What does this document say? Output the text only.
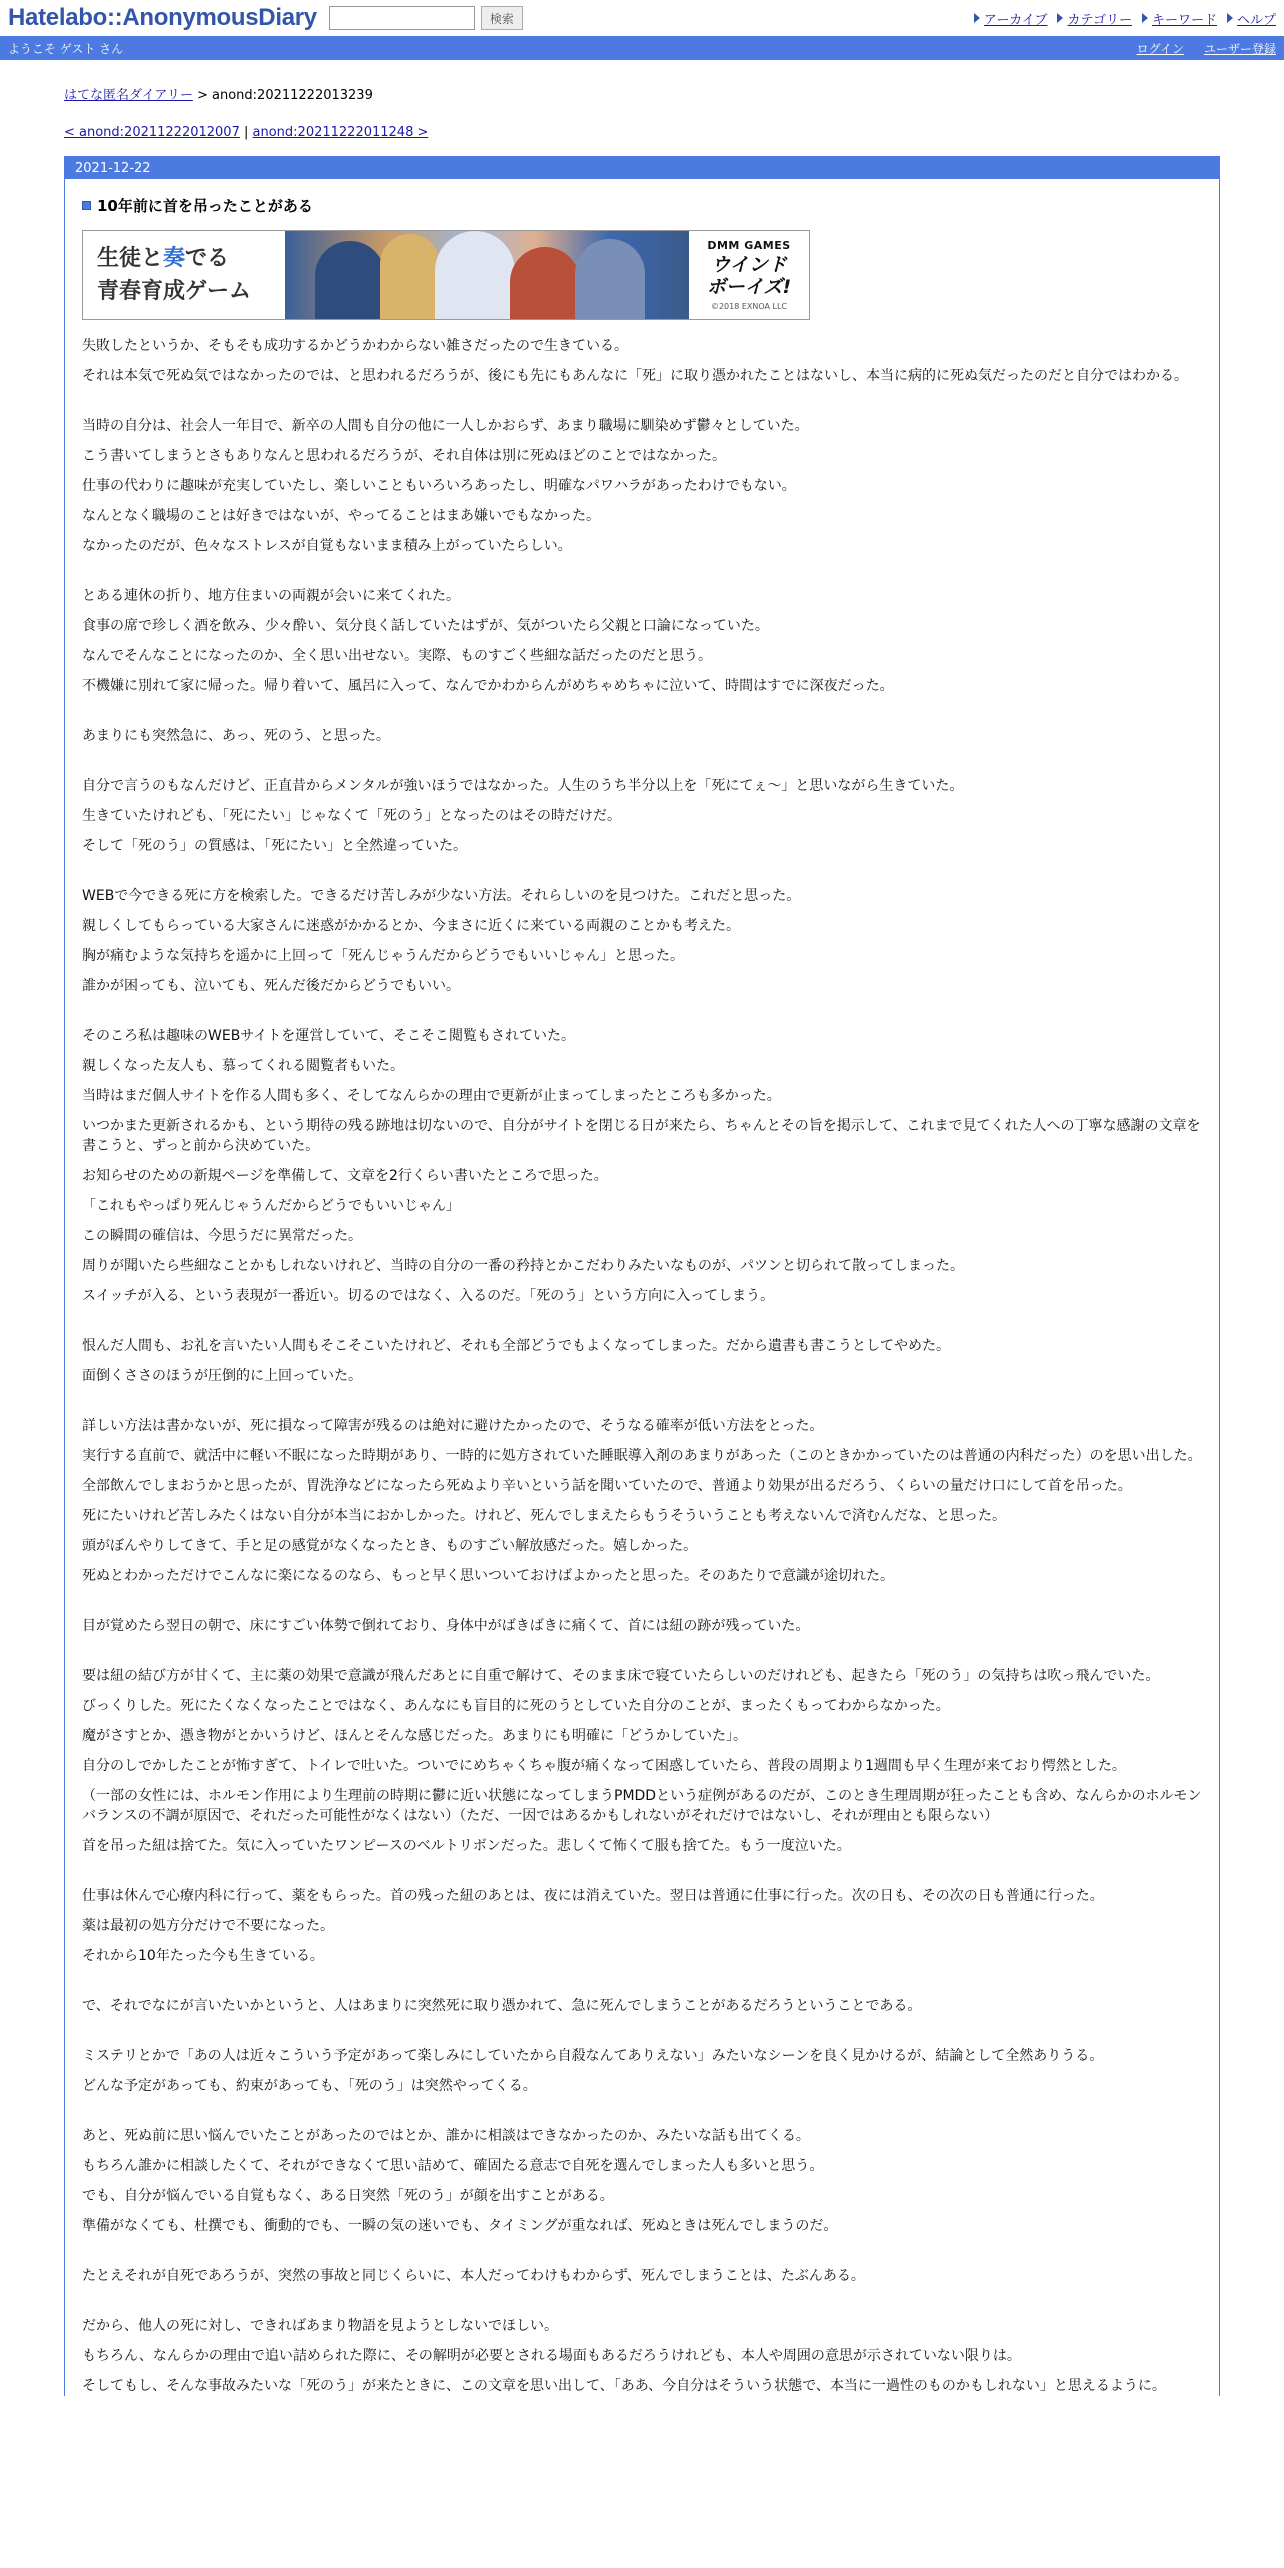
Hatelabo::AnonymousDiary	検索	アーカイブ カテゴリー キーワード ヘルプ
ようこそ ゲスト さん	ログイン ユーザー登録
はてな匿名ダイアリー > anond:20211222013239
< anond:20211222012007 | anond:20211222011248 >
2021-12-22
10年前に首を吊ったことがある
生徒と奏でる
青春育成ゲーム
DMM GAMES
ウインド
ボーイズ!
©2018 EXNOA LLC

失敗したというか、そもそも成功するかどうかわからない雑さだったので生きている。

それは本気で死ぬ気ではなかったのでは、と思われるだろうが、後にも先にもあんなに「死」に取り憑かれたことはないし、本当に病的に死ぬ気だったのだと自分ではわかる。

当時の自分は、社会人一年目で、新卒の人間も自分の他に一人しかおらず、あまり職場に馴染めず鬱々としていた。

こう書いてしまうとさもありなんと思われるだろうが、それ自体は別に死ぬほどのことではなかった。

仕事の代わりに趣味が充実していたし、楽しいこともいろいろあったし、明確なパワハラがあったわけでもない。

なんとなく職場のことは好きではないが、やってることはまあ嫌いでもなかった。

なかったのだが、色々なストレスが自覚もないまま積み上がっていたらしい。

とある連休の折り、地方住まいの両親が会いに来てくれた。

食事の席で珍しく酒を飲み、少々酔い、気分良く話していたはずが、気がついたら父親と口論になっていた。

なんでそんなことになったのか、全く思い出せない。実際、ものすごく些細な話だったのだと思う。

不機嫌に別れて家に帰った。帰り着いて、風呂に入って、なんでかわからんがめちゃめちゃに泣いて、時間はすでに深夜だった。

あまりにも突然急に、あっ、死のう、と思った。

自分で言うのもなんだけど、正直昔からメンタルが強いほうではなかった。人生のうち半分以上を「死にてぇ〜」と思いながら生きていた。

生きていたけれども、「死にたい」じゃなくて「死のう」となったのはその時だけだ。

そして「死のう」の質感は、「死にたい」と全然違っていた。

WEBで今できる死に方を検索した。できるだけ苦しみが少ない方法。それらしいのを見つけた。これだと思った。

親しくしてもらっている大家さんに迷惑がかかるとか、今まさに近くに来ている両親のことかも考えた。

胸が痛むような気持ちを遥かに上回って「死んじゃうんだからどうでもいいじゃん」と思った。

誰かが困っても、泣いても、死んだ後だからどうでもいい。

そのころ私は趣味のWEBサイトを運営していて、そこそこ閲覧もされていた。

親しくなった友人も、慕ってくれる閲覧者もいた。

当時はまだ個人サイトを作る人間も多く、そしてなんらかの理由で更新が止まってしまったところも多かった。

いつかまた更新されるかも、という期待の残る跡地は切ないので、自分がサイトを閉じる日が来たら、ちゃんとその旨を掲示して、これまで見てくれた人への丁寧な感謝の文章を書こうと、ずっと前から決めていた。

お知らせのための新規ページを準備して、文章を2行くらい書いたところで思った。

「これもやっぱり死んじゃうんだからどうでもいいじゃん」

この瞬間の確信は、今思うだに異常だった。

周りが聞いたら些細なことかもしれないけれど、当時の自分の一番の矜持とかこだわりみたいなものが、パツンと切られて散ってしまった。

スイッチが入る、という表現が一番近い。切るのではなく、入るのだ。「死のう」という方向に入ってしまう。

恨んだ人間も、お礼を言いたい人間もそこそこいたけれど、それも全部どうでもよくなってしまった。だから遺書も書こうとしてやめた。

面倒くささのほうが圧倒的に上回っていた。

詳しい方法は書かないが、死に損なって障害が残るのは絶対に避けたかったので、そうなる確率が低い方法をとった。

実行する直前で、就活中に軽い不眠になった時期があり、一時的に処方されていた睡眠導入剤のあまりがあった（このときかかっていたのは普通の内科だった）のを思い出した。

全部飲んでしまおうかと思ったが、胃洗浄などになったら死ぬより辛いという話を聞いていたので、普通より効果が出るだろう、くらいの量だけ口にして首を吊った。

死にたいけれど苦しみたくはない自分が本当におかしかった。けれど、死んでしまえたらもうそういうことも考えないんで済むんだな、と思った。

頭がぼんやりしてきて、手と足の感覚がなくなったとき、ものすごい解放感だった。嬉しかった。

死ぬとわかっただけでこんなに楽になるのなら、もっと早く思いついておけばよかったと思った。そのあたりで意識が途切れた。

目が覚めたら翌日の朝で、床にすごい体勢で倒れており、身体中がばきばきに痛くて、首には紐の跡が残っていた。

要は紐の結び方が甘くて、主に薬の効果で意識が飛んだあとに自重で解けて、そのまま床で寝ていたらしいのだけれども、起きたら「死のう」の気持ちは吹っ飛んでいた。

びっくりした。死にたくなくなったことではなく、あんなにも盲目的に死のうとしていた自分のことが、まったくもってわからなかった。

魔がさすとか、憑き物がとかいうけど、ほんとそんな感じだった。あまりにも明確に「どうかしていた」。

自分のしでかしたことが怖すぎて、トイレで吐いた。ついでにめちゃくちゃ腹が痛くなって困惑していたら、普段の周期より1週間も早く生理が来ており愕然とした。

（一部の女性には、ホルモン作用により生理前の時期に鬱に近い状態になってしまうPMDDという症例があるのだが、このとき生理周期が狂ったことも含め、なんらかのホルモンバランスの不調が原因で、それだった可能性がなくはない）（ただ、一因ではあるかもしれないがそれだけではないし、それが理由とも限らない）

首を吊った紐は捨てた。気に入っていたワンピースのベルトリボンだった。悲しくて怖くて服も捨てた。もう一度泣いた。

仕事は休んで心療内科に行って、薬をもらった。首の残った紐のあとは、夜には消えていた。翌日は普通に仕事に行った。次の日も、その次の日も普通に行った。

薬は最初の処方分だけで不要になった。

それから10年たった今も生きている。

で、それでなにが言いたいかというと、人はあまりに突然死に取り憑かれて、急に死んでしまうことがあるだろうということである。

ミステリとかで「あの人は近々こういう予定があって楽しみにしていたから自殺なんてありえない」みたいなシーンを良く見かけるが、結論として全然ありうる。

どんな予定があっても、約束があっても、「死のう」は突然やってくる。

あと、死ぬ前に思い悩んでいたことがあったのではとか、誰かに相談はできなかったのか、みたいな話も出てくる。

もちろん誰かに相談したくて、それができなくて思い詰めて、確固たる意志で自死を選んでしまった人も多いと思う。

でも、自分が悩んでいる自覚もなく、ある日突然「死のう」が顔を出すことがある。

準備がなくても、杜撰でも、衝動的でも、一瞬の気の迷いでも、タイミングが重なれば、死ぬときは死んでしまうのだ。

たとえそれが自死であろうが、突然の事故と同じくらいに、本人だってわけもわからず、死んでしまうことは、たぶんある。

だから、他人の死に対し、できればあまり物語を見ようとしないでほしい。

もちろん、なんらかの理由で追い詰められた際に、その解明が必要とされる場面もあるだろうけれども、本人や周囲の意思が示されていない限りは。

そしてもし、そんな事故みたいな「死のう」が来たときに、この文章を思い出して、「ああ、今自分はそういう状態で、本当に一過性のものかもしれない」と思えるように。
